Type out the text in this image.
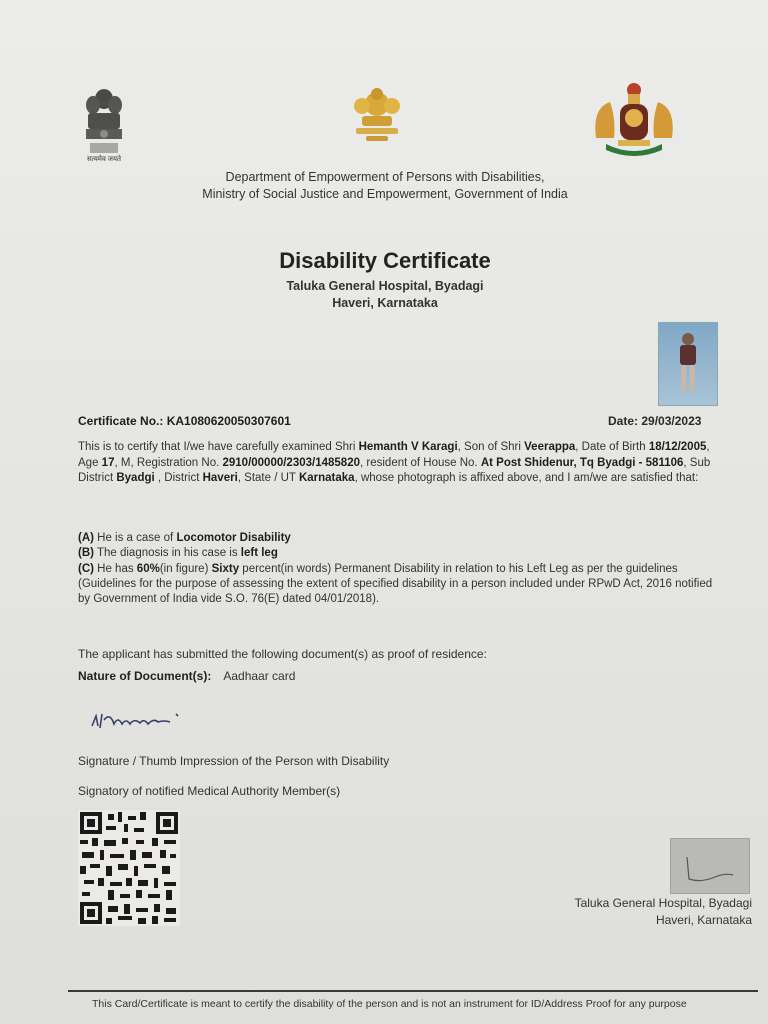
सत्यमेव जयते
Department of Empowerment of Persons with Disabilities,
Ministry of Social Justice and Empowerment, Government of India
Disability Certificate
Taluka General Hospital, Byadagi
Haveri, Karnataka
Certificate No.: KA1080620050307601	Date: 29/03/2023
This is to certify that I/we have carefully examined Shri Hemanth V Karagi, Son of Shri Veerappa, Date of Birth 18/12/2005, Age 17, M, Registration No. 2910/00000/2303/1485820, resident of House No. At Post Shidenur, Tq Byadgi - 581106, Sub District Byadgi , District Haveri, State / UT Karnataka, whose photograph is affixed above, and I am/we are satisfied that:
(A) He is a case of Locomotor Disability
(B) The diagnosis in his case is left leg
(C) He has 60%(in figure) Sixty percent(in words) Permanent Disability in relation to his Left Leg as per the guidelines (Guidelines for the purpose of assessing the extent of specified disability in a person included under RPwD Act, 2016 notified by Government of India vide S.O. 76(E) dated 04/01/2018).
The applicant has submitted the following document(s) as proof of residence:
Nature of Document(s): Aadhaar card
Signature / Thumb Impression of the Person with Disability
Signatory of notified Medical Authority Member(s)
Taluka General Hospital, Byadagi
Haveri, Karnataka
This Card/Certificate is meant to certify the disability of the person and is not an instrument for ID/Address Proof for any purpose
